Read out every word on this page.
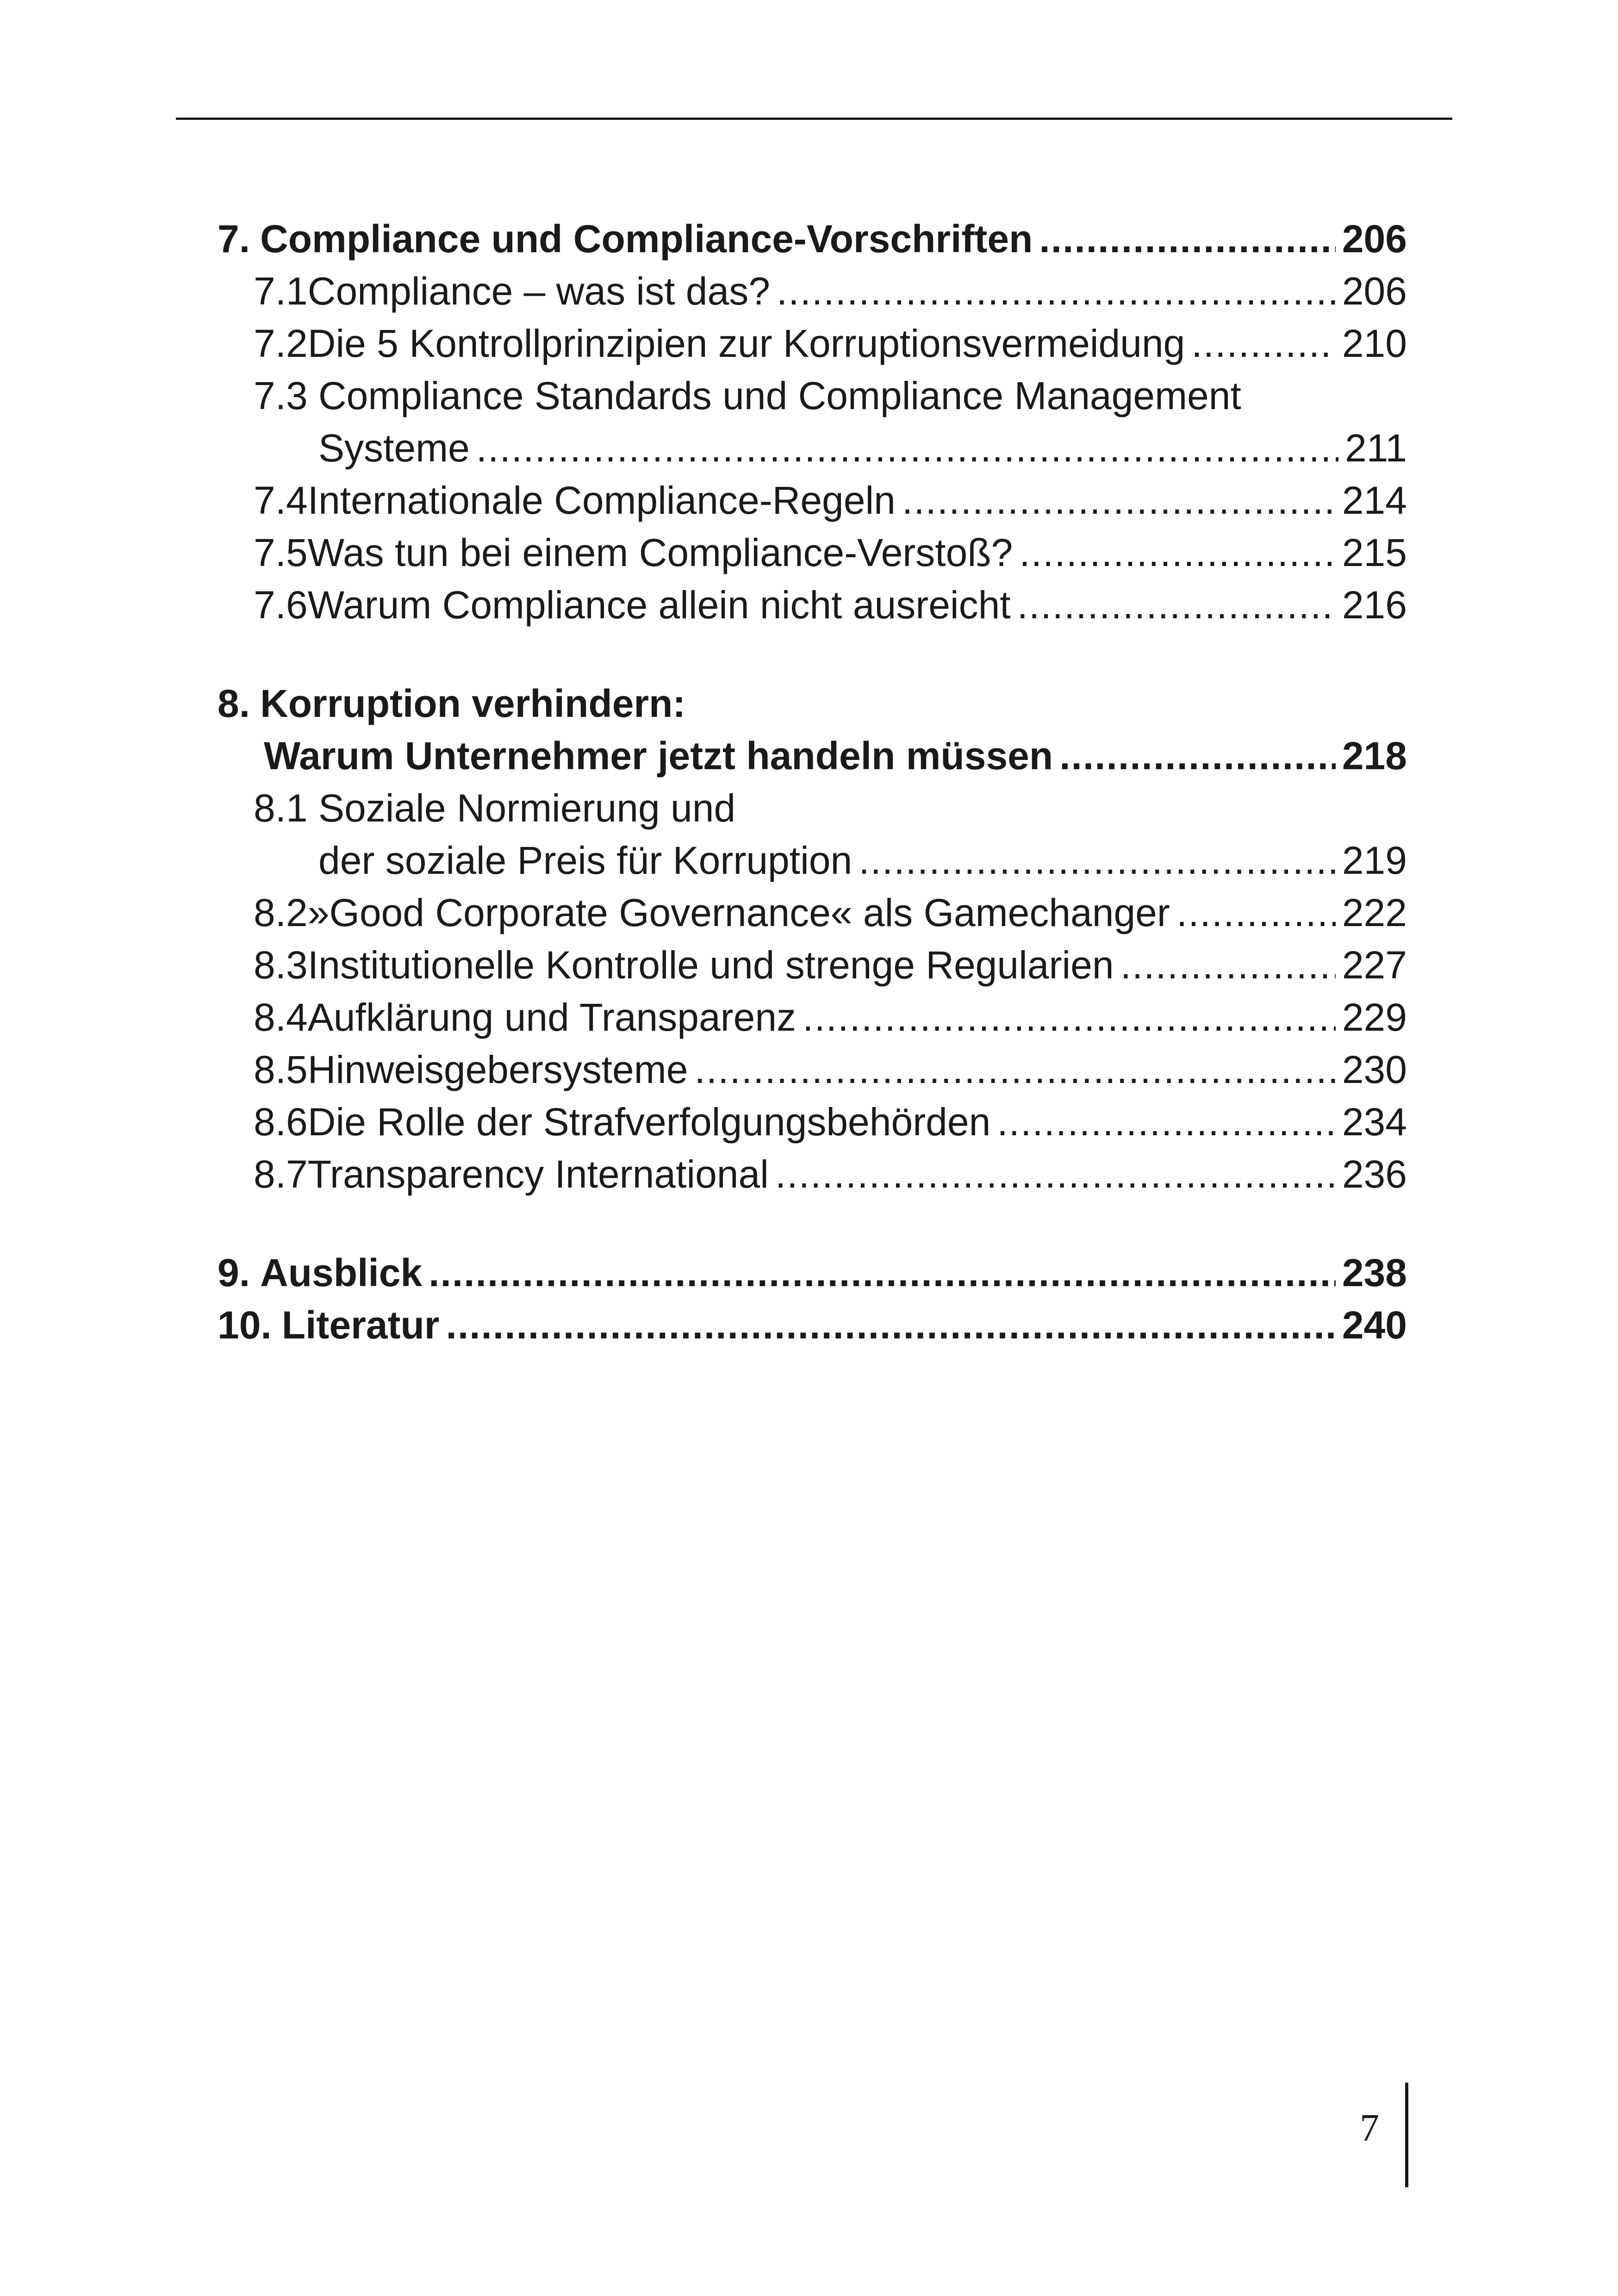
7. Compliance und Compliance-Vorschriften .....	206
7.1 Compliance – was ist das? .....	206
7.2 Die 5 Kontrollprinzipien zur Korruptionsvermeidung .....	210
7.3 Compliance Standards und Compliance Management
Systeme .....	211
7.4 Internationale Compliance-Regeln .....	214
7.5 Was tun bei einem Compliance-Verstoß? .....	215
7.6 Warum Compliance allein nicht ausreicht .....	216
8. Korruption verhindern:
Warum Unternehmer jetzt handeln müssen .....	218
8.1 Soziale Normierung und
der soziale Preis für Korruption .....	219
8.2 »Good Corporate Governance« als Gamechanger .....	222
8.3 Institutionelle Kontrolle und strenge Regularien .....	227
8.4 Aufklärung und Transparenz .....	229
8.5 Hinweisgebersysteme .....	230
8.6 Die Rolle der Strafverfolgungsbehörden .....	234
8.7 Transparency International .....	236
9. Ausblick .....	238
10. Literatur .....	240
7
